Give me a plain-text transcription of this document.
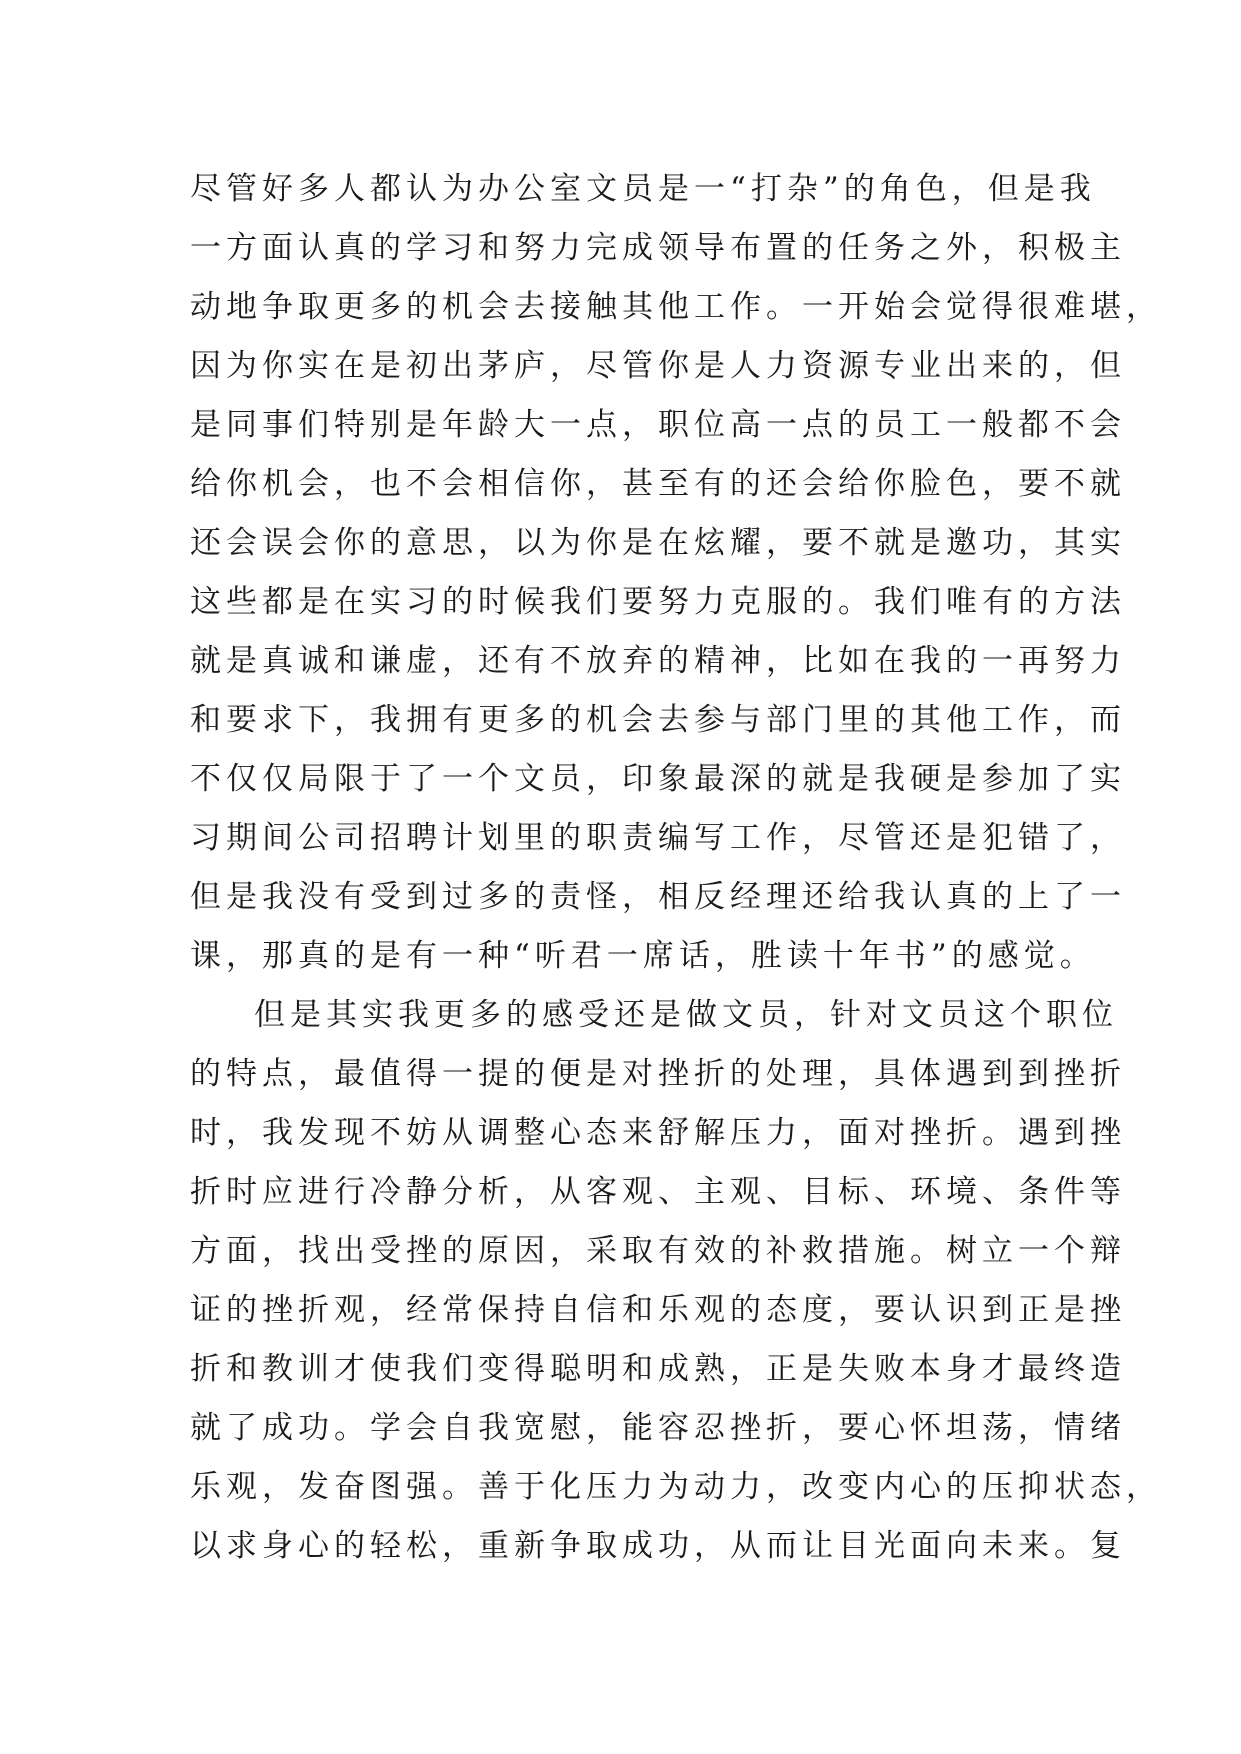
尽管好多人都认为办公室文员是一“打杂”的角色，但是我
一方面认真的学习和努力完成领导布置的任务之外，积极主
动地争取更多的机会去接触其他工作。一开始会觉得很难堪，
因为你实在是初出茅庐，尽管你是人力资源专业出来的，但
是同事们特别是年龄大一点，职位高一点的员工一般都不会
给你机会，也不会相信你，甚至有的还会给你脸色，要不就
还会误会你的意思，以为你是在炫耀，要不就是邀功，其实
这些都是在实习的时候我们要努力克服的。我们唯有的方法
就是真诚和谦虚，还有不放弃的精神，比如在我的一再努力
和要求下，我拥有更多的机会去参与部门里的其他工作，而
不仅仅局限于了一个文员，印象最深的就是我硬是参加了实
习期间公司招聘计划里的职责编写工作，尽管还是犯错了，
但是我没有受到过多的责怪，相反经理还给我认真的上了一
课，那真的是有一种“听君一席话，胜读十年书”的感觉。
但是其实我更多的感受还是做文员，针对文员这个职位
的特点，最值得一提的便是对挫折的处理，具体遇到到挫折
时，我发现不妨从调整心态来舒解压力，面对挫折。遇到挫
折时应进行冷静分析，从客观、主观、目标、环境、条件等
方面，找出受挫的原因，采取有效的补救措施。树立一个辩
证的挫折观，经常保持自信和乐观的态度，要认识到正是挫
折和教训才使我们变得聪明和成熟，正是失败本身才最终造
就了成功。学会自我宽慰，能容忍挫折，要心怀坦荡，情绪
乐观，发奋图强。善于化压力为动力，改变内心的压抑状态，
以求身心的轻松，重新争取成功，从而让目光面向未来。复
